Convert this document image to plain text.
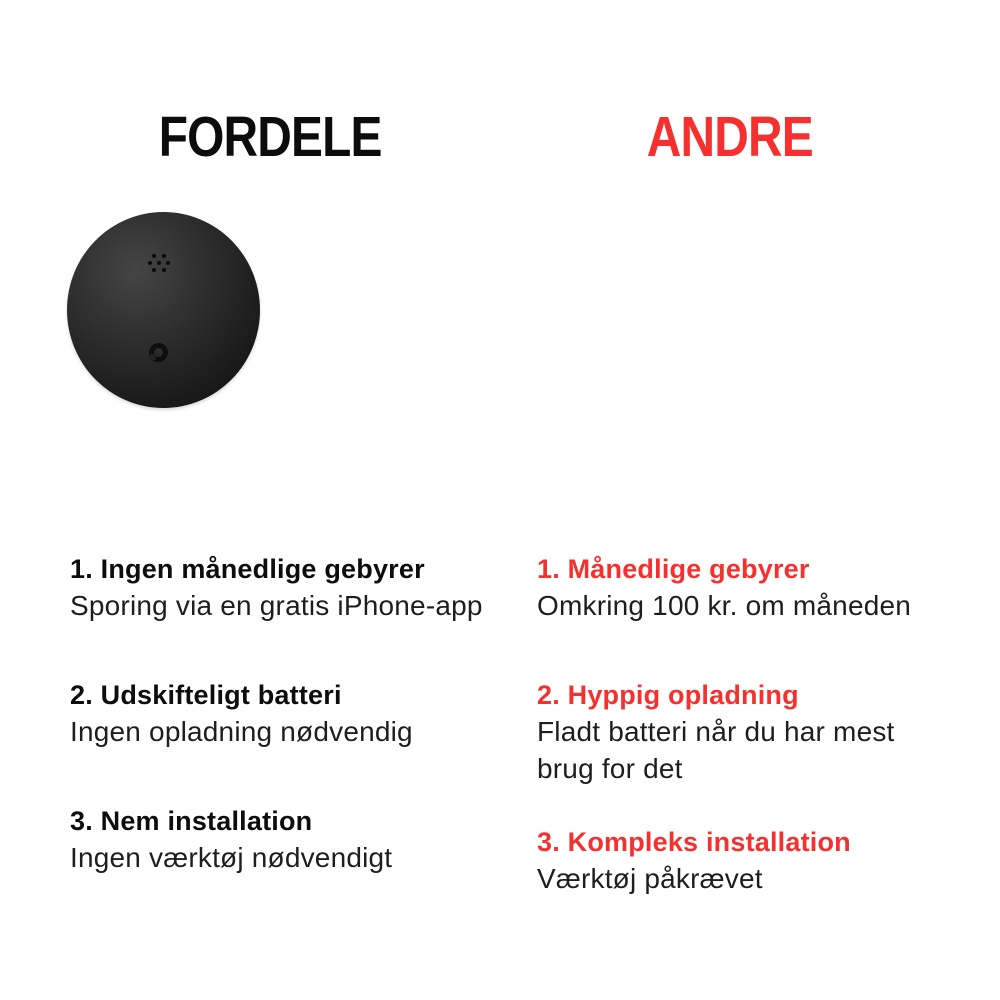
FORDELE	ANDRE
1. Ingen månedlige gebyrer
Sporing via en gratis iPhone-app
2. Udskifteligt batteri
Ingen opladning nødvendig
3. Nem installation
Ingen værktøj nødvendigt
1. Månedlige gebyrer
Omkring 100 kr. om måneden
2. Hyppig opladning
Fladt batteri når du har mest brug for det
3. Kompleks installation
Værktøj påkrævet
